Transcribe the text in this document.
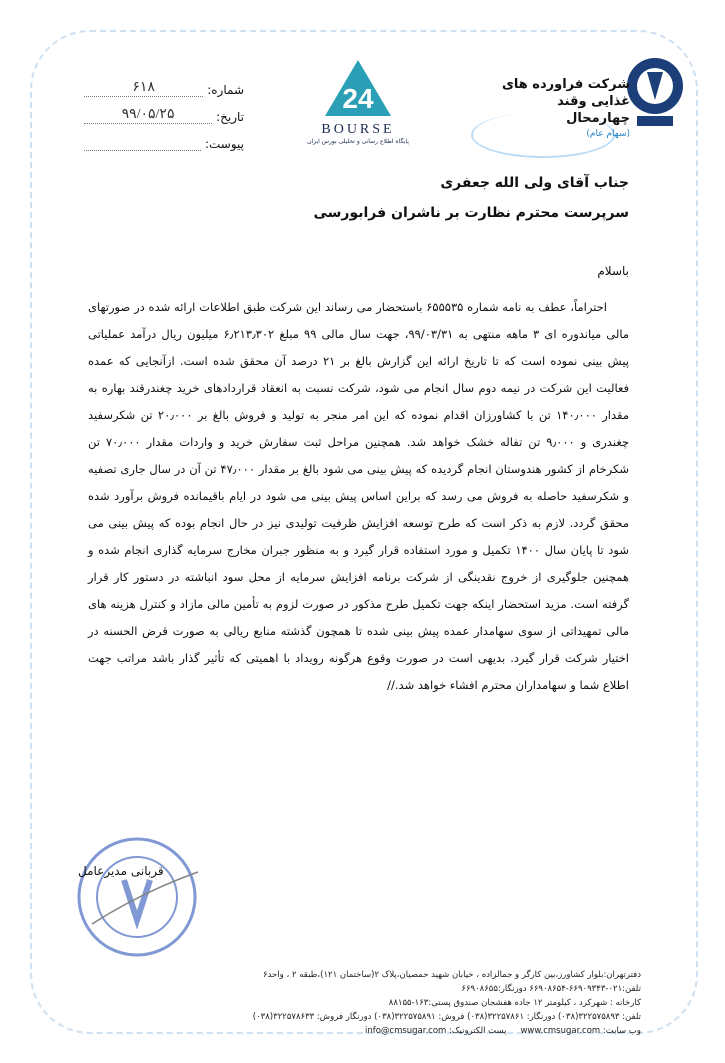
شرکت فراورده های
غذایی وقند
چهارمحال
(سهام عام)
24
BOURSE
پایگاه اطلاع رسانی و تحلیلی بورس ایران
شماره:
۶۱۸
تاریخ:
۹۹/۰۵/۲۵
پیوست:
جناب آقای ولی الله جعفری
سرپرست محترم نظارت بر ناشران فرابورسی
باسلام

احتراماً، عطف به نامه شماره ۶۵۵۵۳۵ باستحضار می رساند این شرکت طبق اطلاعات ارائه شده در صورتهای مالی میاندوره ای ۳ ماهه منتهی به ۹۹/۰۳/۳۱، جهت سال مالی ۹۹ مبلغ ۶٫۲۱۳٫۳۰۲ میلیون ریال درآمد عملیاتی پیش بینی نموده است که تا تاریخ ارائه این گزارش بالغ بر ۲۱ درصد آن محقق شده است. ازآنجایی که عمده فعالیت این شرکت در نیمه دوم سال انجام می شود، شرکت نسبت به انعقاد قراردادهای خرید چغندرقند بهاره به مقدار ۱۴۰٫۰۰۰ تن با کشاورزان اقدام نموده که این امر منجر به تولید و فروش بالغ بر ۲۰٫۰۰۰ تن شکرسفید چغندری و ۹٫۰۰۰ تن تفاله خشک خواهد شد. همچنین مراحل ثبت سفارش خرید و واردات مقدار ۷۰٫۰۰۰ تن شکرخام از کشور هندوستان انجام گردیده که پیش بینی می شود بالغ بر مقدار ۴۷٫۰۰۰ تن آن در سال جاری تصفیه و شکرسفید حاصله به فروش می رسد که براین اساس پیش بینی می شود در ایام باقیمانده فروش برآورد شده محقق گردد. لازم به ذکر است که طرح توسعه افزایش ظرفیت تولیدی نیز در حال انجام بوده که پیش بینی می شود تا پایان سال ۱۴۰۰ تکمیل و مورد استفاده قرار گیرد و به منظور جبران مخارج سرمایه گذاری انجام شده و همچنین جلوگیری از خروج نقدینگی از شرکت برنامه افزایش سرمایه از محل سود انباشته در دستور کار قرار گرفته است. مزید استحضار اینکه جهت تکمیل طرح مذکور در صورت لزوم به تأمین مالی مازاد و کنترل هزینه های مالی تمهیداتی از سوی سهامدار عمده پیش بینی شده تا همچون گذشته منابع ریالی به صورت قرض الحسنه در اختیار شرکت قرار گیرد. بدیهی است در صورت وقوع هرگونه رویداد با اهمیتی که تأثیر گذار باشد مراتب جهت اطلاع شما و سهامداران محترم افشاء خواهد شد.//

قربانی مدیرعامل
دفترتهران:بلوار کشاورز،بین کارگر و جمالزاده ، خیابان شهید حمصیان،پلاک ۲(ساختمان ۱۲۱)،طبقه ۲ ، واحد۶
تلفن:۰۲۱-۶۶۹۰۹۳۴۳-۶۶۹۰۸۶۵۴ دورنگار:۶۶۹۰۸۶۵۵
کارخانه : شهرکرد ، کیلومتر ۱۲ جاده هفشجان صندوق پستی:۱۶۳-۸۸۱۵۵
تلفن: ۳۲۲۵۷۵۸۹۳(۰۳۸) دورنگار: ۳۲۲۵۷۸۶۱(۰۳۸) فروش: ۳۲۲۵۷۵۸۹۱(۰۳۸) دورنگار فروش: ۳۲۲۵۷۸۶۳۳(۰۳۸)
وب سایت: www.cmsugar.com
پست الکترونیک: info@cmsugar.com
